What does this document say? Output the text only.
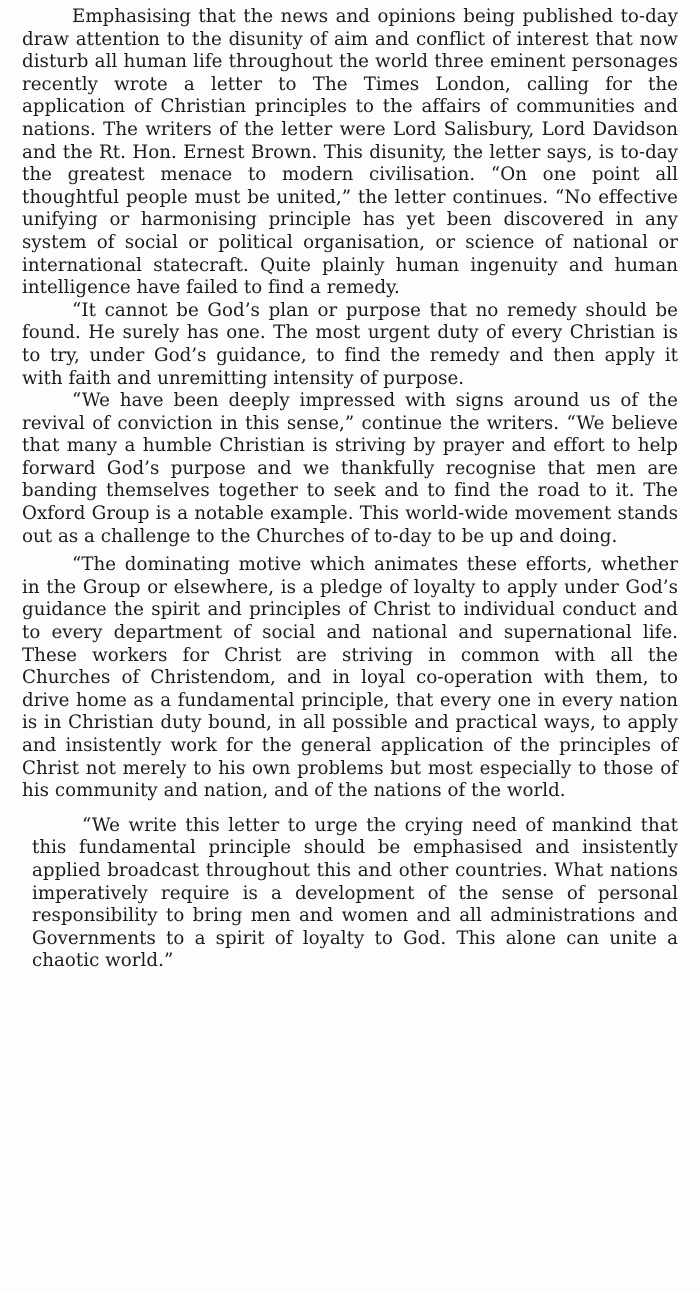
Emphasising that the news and opinions being published to-day draw attention to the disunity of aim and conflict of interest that now disturb all human life throughout the world three eminent personages recently wrote a letter to The Times London, calling for the application of Christian principles to the affairs of communities and nations. The writers of the letter were Lord Salisbury, Lord Davidson and the Rt. Hon. Ernest Brown. This disunity, the letter says, is to-day the greatest menace to modern civilisation. “On one point all thoughtful people must be united,” the letter continues. “No effective unifying or harmonising principle has yet been discovered in any system of social or political organisation, or science of national or international statecraft. Quite plainly human ingenuity and human intelligence have failed to find a remedy.

“It cannot be God’s plan or purpose that no remedy should be found. He surely has one. The most urgent duty of every Christian is to try, under God’s guidance, to find the remedy and then apply it with faith and unremitting intensity of purpose.

“We have been deeply impressed with signs around us of the revival of conviction in this sense,” continue the writers. “We believe that many a humble Christian is striving by prayer and effort to help forward God’s purpose and we thankfully recognise that men are banding themselves together to seek and to find the road to it. The Oxford Group is a notable example. This world-wide movement stands out as a challenge to the Churches of to-day to be up and doing.

“The dominating motive which animates these efforts, whether in the Group or elsewhere, is a pledge of loyalty to apply under God’s guidance the spirit and principles of Christ to individual conduct and to every department of social and national and supernational life. These workers for Christ are striving in common with all the Churches of Christendom, and in loyal co-operation with them, to drive home as a fundamental principle, that every one in every nation is in Christian duty bound, in all possible and practical ways, to apply and insistently work for the general application of the principles of Christ not merely to his own problems but most especially to those of his community and nation, and of the nations of the world.

“We write this letter to urge the crying need of mankind that this fundamental principle should be emphasised and insistently applied broadcast throughout this and other countries. What nations imperatively require is a development of the sense of personal responsibility to bring men and women and all administrations and Governments to a spirit of loyalty to God. This alone can unite a chaotic world.”
